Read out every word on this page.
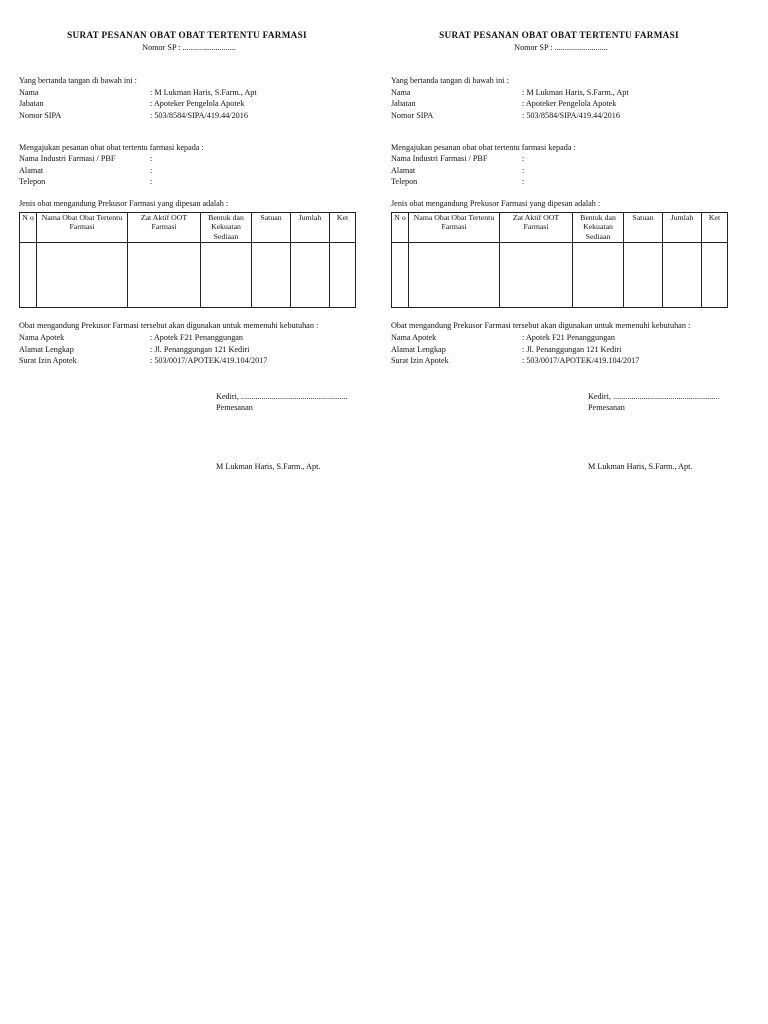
SURAT PESANAN OBAT OBAT TERTENTU FARMASI
Nomor SP : ..........................
Yang bertanda tangan di bawah ini :
Nama	: M Lukman Haris, S.Farm., Apt
Jabatan	: Apoteker Pengelola Apotek
Nomor SIPA	: 503/8584/SIPA/419.44/2016
Mengajukan pesanan obat obat tertentu farmasi kepada :
Nama Industri Farmasi / PBF	:
Alamat	:
Telepon	:
Jenis obat mengandung Prekusor Farmasi yang dipesan adalah :
N o	Nama Obat Obat Tertentu Farmasi	Zat Aktif OOT Farmasi	Bentuk dan Kekuatan Sediaan	Satuan	Jumlah	Ket

Obat mengandung Prekusor Farmasi tersebut akan digunakan untuk memenuhi kebutuhan :
Nama Apotek	: Apotek F21 Penanggungan
Alamat Lengkap	: Jl. Penanggungan 121 Kediri
Surat Izin Apotek	: 503/0017/APOTEK/419.104/2017
Kediri, ....................................................
Pemesanan
M Lukman Haris, S.Farm., Apt.
SURAT PESANAN OBAT OBAT TERTENTU FARMASI
Nomor SP : ..........................
Yang bertanda tangan di bawah ini :
Nama	: M Lukman Haris, S.Farm., Apt
Jabatan	: Apoteker Pengelola Apotek
Nomor SIPA	: 503/8584/SIPA/419.44/2016
Mengajukan pesanan obat obat tertentu farmasi kepada :
Nama Industri Farmasi / PBF	:
Alamat	:
Telepon	:
Jenis obat mengandung Prekusor Farmasi yang dipesan adalah :
N o	Nama Obat Obat Tertentu Farmasi	Zat Aktif OOT Farmasi	Bentuk dan Kekuatan Sediaan	Satuan	Jumlah	Ket

Obat mengandung Prekusor Farmasi tersebut akan digunakan untuk memenuhi kebutuhan :
Nama Apotek	: Apotek F21 Penanggungan
Alamat Lengkap	: Jl. Penanggungan 121 Kediri
Surat Izin Apotek	: 503/0017/APOTEK/419.104/2017
Kediri, ....................................................
Pemesanan
M Lukman Haris, S.Farm., Apt.
